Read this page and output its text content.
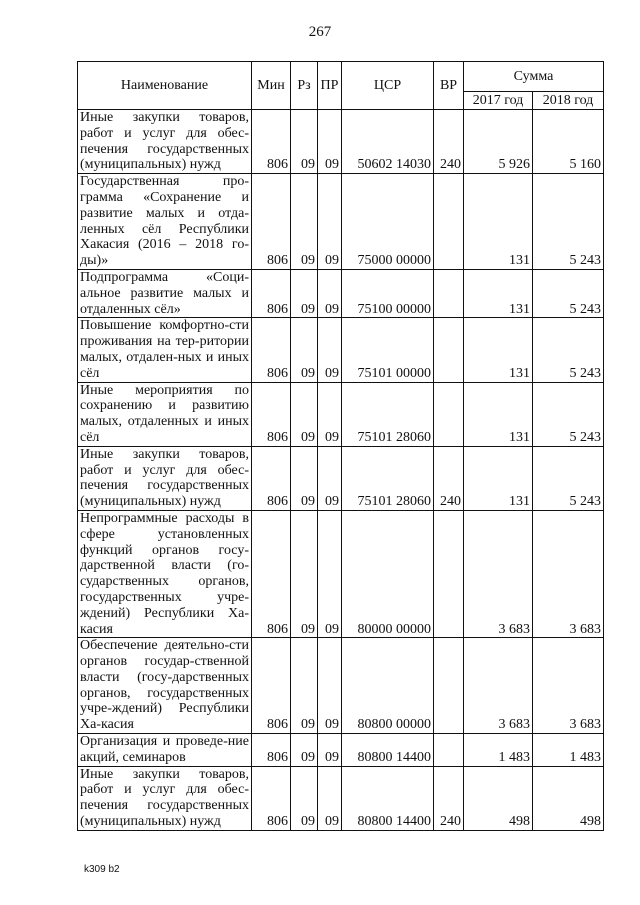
267
Наименование	Мин	Рз	ПР	ЦСР	ВР	Сумма	
						2017 год	2018 год
Иные закупки товаров, работ и услуг для обес-печения государственных (муниципальных) нужд	806	09	09	50602 14030	240	5 926	5 160
Государственная про-грамма «Сохранение и развитие малых и отда-ленных сёл Республики Хакасия (2016 – 2018 го-ды)»	806	09	09	75000 00000		131	5 243
Подпрограмма «Соци-альное развитие малых и отдаленных сёл»	806	09	09	75100 00000		131	5 243
Повышение комфортно-сти проживания на тер-ритории малых, отдален-ных и иных сёл	806	09	09	75101 00000		131	5 243
Иные мероприятия по сохранению и развитию малых, отдаленных и иных сёл	806	09	09	75101 28060		131	5 243
Иные закупки товаров, работ и услуг для обес-печения государственных (муниципальных) нужд	806	09	09	75101 28060	240	131	5 243
Непрограммные расходы в сфере установленных функций органов госу-дарственной власти (го-сударственных органов, государственных учре-ждений) Республики Ха-касия	806	09	09	80000 00000		3 683	3 683
Обеспечение деятельно-сти органов государ-ственной власти (госу-дарственных органов, государственных учре-ждений) Республики Ха-касия	806	09	09	80800 00000		3 683	3 683
Организация и проведе-ние акций, семинаров	806	09	09	80800 14400		1 483	1 483
Иные закупки товаров, работ и услуг для обес-печения государственных (муниципальных) нужд	806	09	09	80800 14400	240	498	498
k309 b2
